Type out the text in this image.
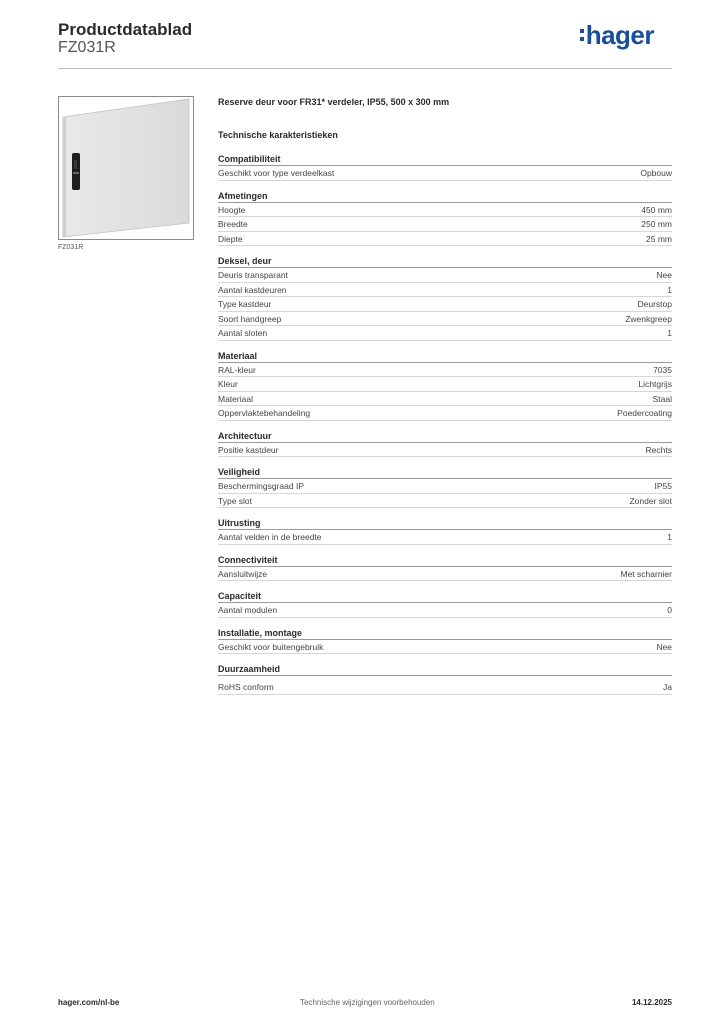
Productdatablad
FZ031R	hager
FZ031R
Reserve deur voor FR31* verdeler, IP55, 500 x 300 mm
Technische karakteristieken
Compatibiliteit
Geschikt voor type verdeelkast	Opbouw
Afmetingen
Hoogte	450 mm
Breedte	250 mm
Diepte	25 mm
Deksel, deur
Deuris transparant	Nee
Aantal kastdeuren	1
Type kastdeur	Deurstop
Soort handgreep	Zwenkgreep
Aantal sloten	1
Materiaal
RAL-kleur	7035
Kleur	Lichtgrijs
Materiaal	Staal
Oppervlaktebehandeling	Poedercoating
Architectuur
Positie kastdeur	Rechts
Veiligheid
Beschermingsgraad IP	IP55
Type slot	Zonder slot
Uitrusting
Aantal velden in de breedte	1
Connectiviteit
Aansluitwijze	Met scharnier
Capaciteit
Aantal modulen	0
Installatie, montage
Geschikt voor buitengebruik	Nee
Duurzaamheid
RoHS conform	Ja
hager.com/nl-be	Technische wijzigingen voorbehouden	14.12.2025
